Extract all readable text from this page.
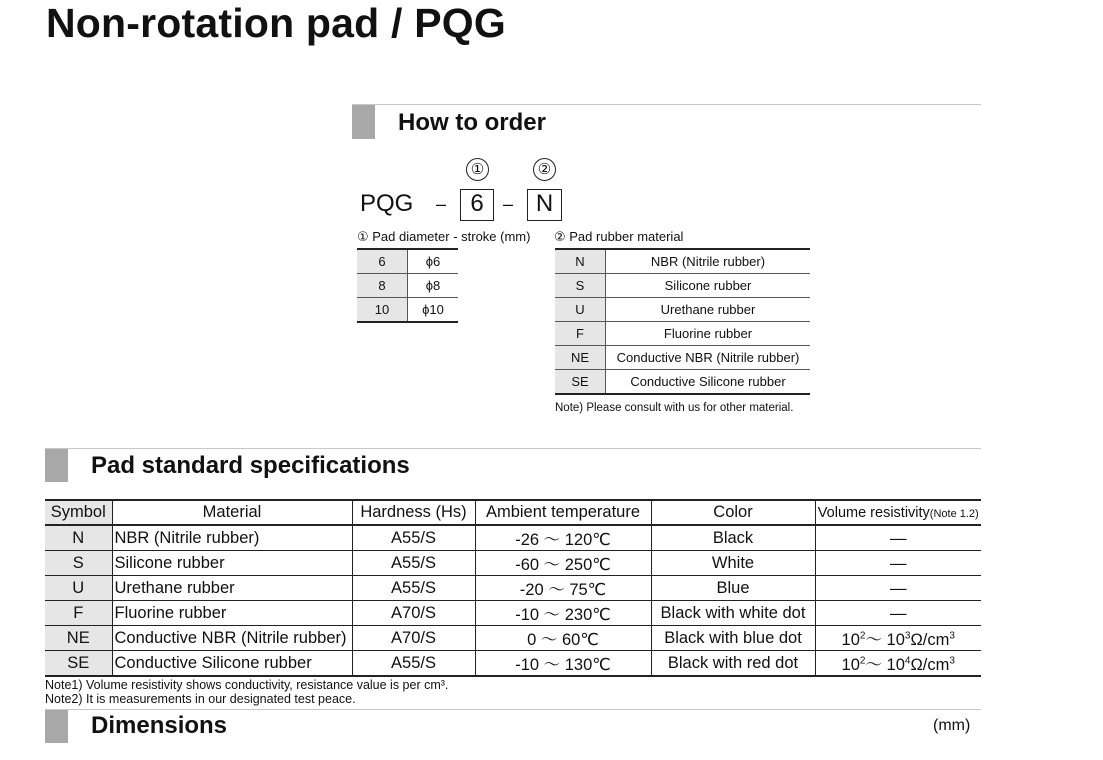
Non-rotation pad / PQG
How to order
①	②
PQG –	6	– N
① Pad diameter - stroke (mm) ② Pad rubber material
6	ϕ6
8	ϕ8
10	ϕ10
N	NBR (Nitrile rubber)
S	Silicone rubber
U	Urethane rubber
F	Fluorine rubber
NE	Conductive NBR (Nitrile rubber)
SE	Conductive Silicone rubber
Note) Please consult with us for other material.
Pad standard specifications
Symbol	Material	Hardness (Hs)	Ambient temperature	Color	Volume resistivity(Note 1.2)
N	NBR (Nitrile rubber)	A55/S	-26 ～ 120℃	Black	—
S	Silicone rubber	A55/S	-60 ～ 250℃	White	—
U	Urethane rubber	A55/S	-20 ～ 75℃	Blue	—
F	Fluorine rubber	A70/S	-10 ～ 230℃	Black with white dot	—
NE	Conductive NBR (Nitrile rubber)	A70/S	0 ～ 60℃	Black with blue dot	$10^2\sim$ $10^3\Omega/cm^3$
SE	Conductive Silicone rubber	A55/S	-10 ～ 130℃	Black with red dot	$10^2\sim$ $10^4\Omega/cm^3$
Note1) Volume resistivity shows conductivity, resistance value is per cm³.
Note2) It is measurements in our designated test peace.
Dimensions	(mm)
